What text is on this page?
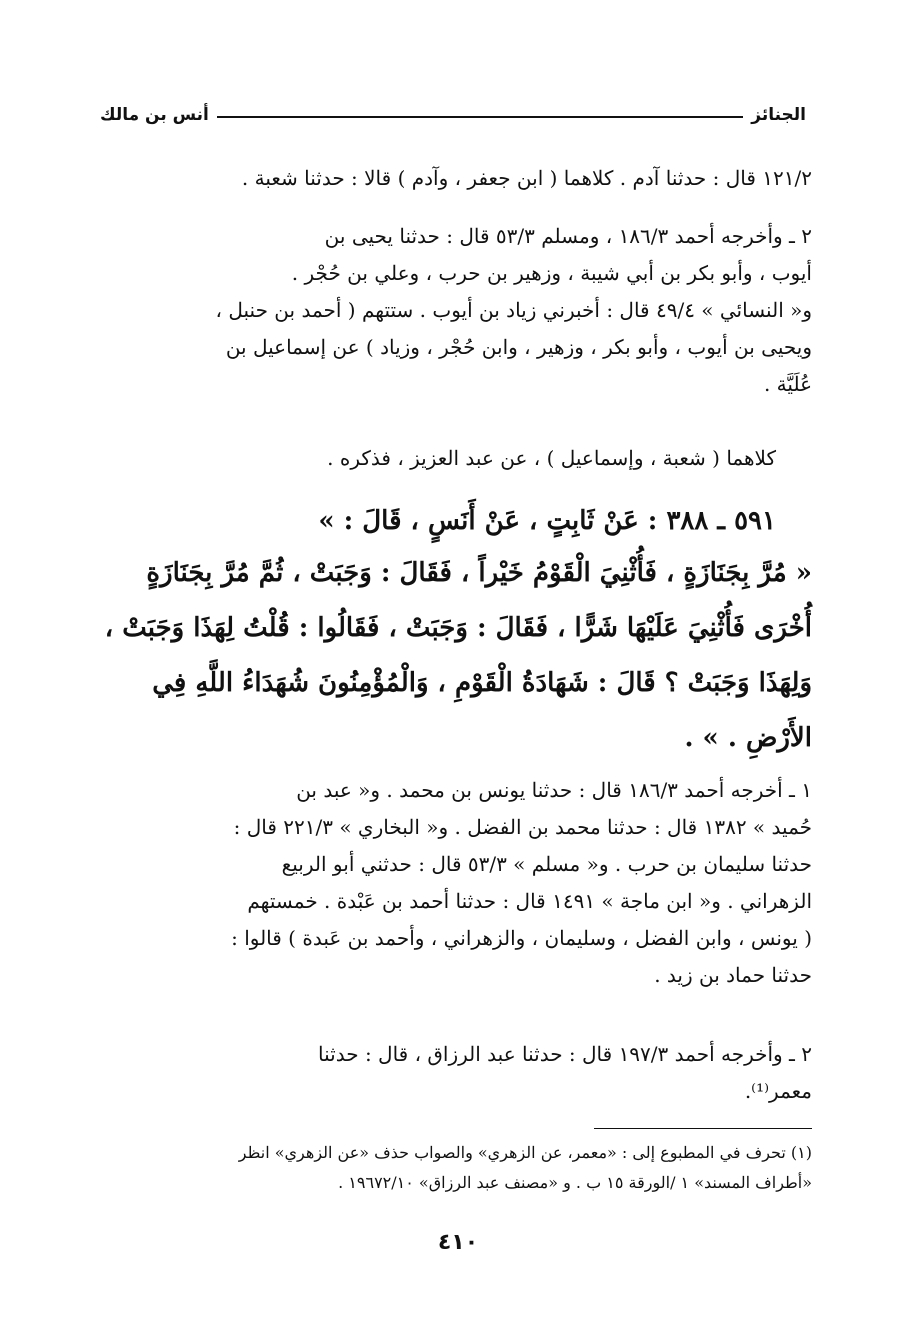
الجنائز
أنس بن مالك
١٢١/٢ قال : حدثنا آدم . كلاهما ( ابن جعفر ، وآدم ) قالا : حدثنا شعبة .
٢ ـ وأخرجه أحمد ١٨٦/٣ ، ومسلم ٥٣/٣ قال : حدثنا يحيى بن
أيوب ، وأبو بكر بن أبي شيبة ، وزهير بن حرب ، وعلي بن حُجْر .
و« النسائي » ٤٩/٤ قال : أخبرني زياد بن أيوب . ستتهم ( أحمد بن حنبل ،
ويحيى بن أيوب ، وأبو بكر ، وزهير ، وابن حُجْر ، وزياد ) عن إسماعيل بن
عُلَيَّة .
كلاهما ( شعبة ، وإسماعيل ) ، عن عبد العزيز ، فذكره .
٥٩١ ـ ٣٨٨ : عَنْ ثَابِتٍ ، عَنْ أَنَسٍ ، قَالَ : »
« مُرَّ بِجَنَازَةٍ ، فَأُثْنِيَ الْقَوْمُ خَيْراً ، فَقَالَ : وَجَبَتْ ، ثُمَّ مُرَّ بِجَنَازَةٍ
أُخْرَى فَأُثْنِيَ عَلَيْهَا شَرًّا ، فَقَالَ : وَجَبَتْ ، فَقَالُوا : قُلْتُ لِهَذَا وَجَبَتْ ،
وَلِهَذَا وَجَبَتْ ؟ قَالَ : شَهَادَةُ الْقَوْمِ ، وَالْمُؤْمِنُونَ شُهَدَاءُ اللَّهِ فِي
الأَرْضِ . » .
١ ـ أخرجه أحمد ١٨٦/٣ قال : حدثنا يونس بن محمد . و« عبد بن
حُميد » ١٣٨٢ قال : حدثنا محمد بن الفضل . و« البخاري » ٢٢١/٣ قال :
حدثنا سليمان بن حرب . و« مسلم » ٥٣/٣ قال : حدثني أبو الربيع
الزهراني . و« ابن ماجة » ١٤٩١ قال : حدثنا أحمد بن عَبْدة . خمستهم
( يونس ، وابن الفضل ، وسليمان ، والزهراني ، وأحمد بن عَبدة ) قالوا :
حدثنا حماد بن زيد .
٢ ـ وأخرجه أحمد ١٩٧/٣ قال : حدثنا عبد الرزاق ، قال : حدثنا
معمر⁽¹⁾.
(١) تحرف في المطبوع إلى : «معمر، عن الزهري» والصواب حذف «عن الزهري» انظر
«أطراف المسند» ١ /الورقة ١٥ ب . و «مصنف عبد الرزاق» ١٩٦٧٢/١٠ .
٤١٠
